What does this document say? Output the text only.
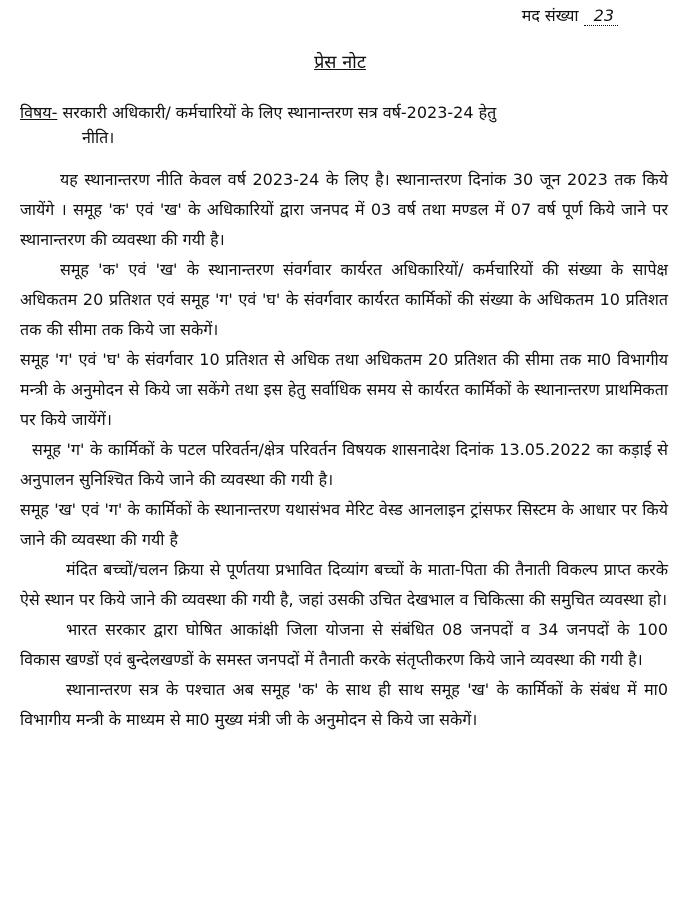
मद संख्या 23
प्रेस नोट
विषय- सरकारी अधिकारी/ कर्मचारियों के लिए स्थानान्तरण सत्र वर्ष-2023-24 हेतु
नीति।

यह स्थानान्तरण नीति केवल वर्ष 2023-24 के लिए है। स्थानान्तरण दिनांक 30 जून 2023 तक किये जायेंगे । समूह 'क' एवं 'ख' के अधिकारियों द्वारा जनपद में 03 वर्ष तथा मण्डल में 07 वर्ष पूर्ण किये जाने पर स्थानान्तरण की व्यवस्था की गयी है।

समूह 'क' एवं 'ख' के स्थानान्तरण संवर्गवार कार्यरत अधिकारियों/ कर्मचारियों की संख्या के सापेक्ष अधिकतम 20 प्रतिशत एवं समूह 'ग' एवं 'घ' के संवर्गवार कार्यरत कार्मिकों की संख्या के अधिकतम 10 प्रतिशत तक की सीमा तक किये जा सकेगें।

समूह 'ग' एवं 'घ' के संवर्गवार 10 प्रतिशत से अधिक तथा अधिकतम 20 प्रतिशत की सीमा तक मा0 विभागीय मन्त्री के अनुमोदन से किये जा सकेंगे तथा इस हेतु सर्वाधिक समय से कार्यरत कार्मिकों के स्थानान्तरण प्राथमिकता पर किये जायेंगें।

समूह 'ग' के कार्मिकों के पटल परिवर्तन/क्षेत्र परिवर्तन विषयक शासनादेश दिनांक 13.05.2022 का कड़ाई से अनुपालन सुनिश्चित किये जाने की व्यवस्था की गयी है।

समूह 'ख' एवं 'ग' के कार्मिकों के स्थानान्तरण यथासंभव मेरिट वेस्ड आनलाइन ट्रांसफर सिस्टम के आधार पर किये जाने की व्यवस्था की गयी है

मंदित बच्चों/चलन क्रिया से पूर्णतया प्रभावित दिव्यांग बच्चों के माता-पिता की तैनाती विकल्प प्राप्त करके ऐसे स्थान पर किये जाने की व्यवस्था की गयी है, जहां उसकी उचित देखभाल व चिकित्सा की समुचित व्यवस्था हो।

भारत सरकार द्वारा घोषित आकांक्षी जिला योजना से संबंधित 08 जनपदों व 34 जनपदों के 100 विकास खण्डों एवं बुन्देलखण्डों के समस्त जनपदों में तैनाती करके संतृप्तीकरण किये जाने व्यवस्था की गयी है।

स्थानान्तरण सत्र के पश्चात अब समूह 'क' के साथ ही साथ समूह 'ख' के कार्मिकों के संबंध में मा0 विभागीय मन्त्री के माध्यम से मा0 मुख्य मंत्री जी के अनुमोदन से किये जा सकेगें।
